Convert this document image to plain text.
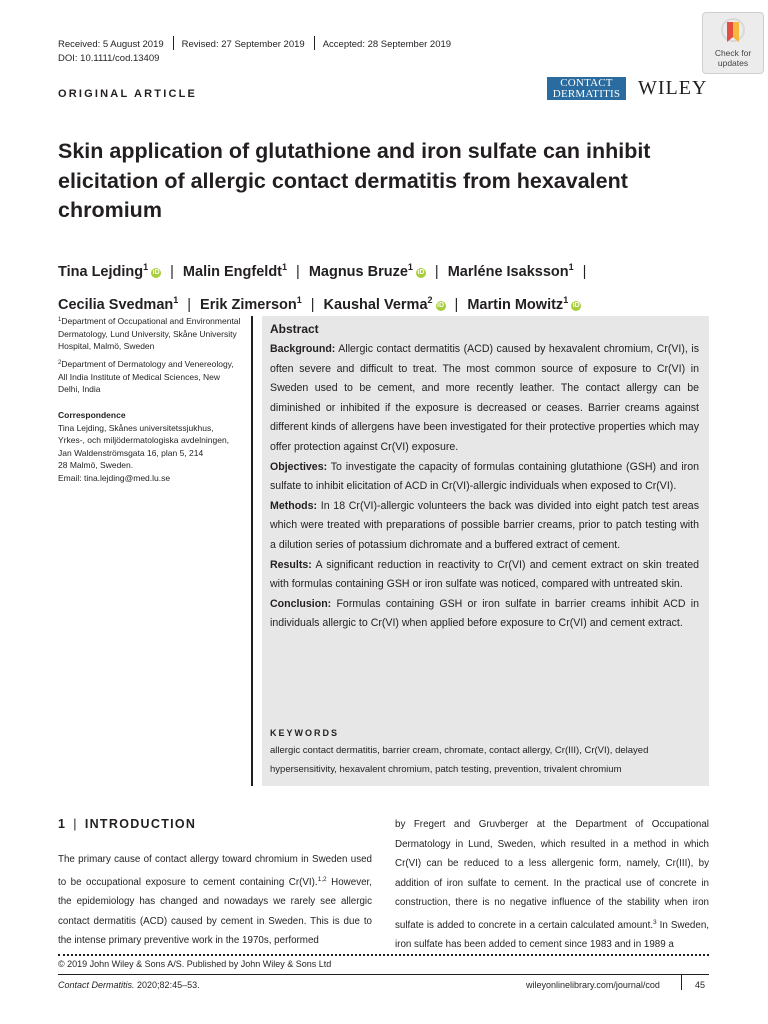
Received: 5 August 2019 Revised: 27 September 2019 Accepted: 28 September 2019
DOI: 10.1111/cod.13409
ORIGINAL ARTICLE
Check for
updates
CONTACT
DERMATITIS WILEY
Skin application of glutathione and iron sulfate can inhibit elicitation of allergic contact dermatitis from hexavalent chromium
Tina Lejding$^1$iD | Malin Engfeldt$^1$ | Magnus Bruze$^1$iD | Marléne Isaksson$^1$ |
Cecilia Svedman$^1$ | Erik Zimerson$^1$ | Kaushal Verma$^2$iD | Martin Mowitz$^1$iD
$^1$Department of Occupational and Environmental Dermatology, Lund University, Skåne University Hospital, Malmö, Sweden
$^2$Department of Dermatology and Venereology, All India Institute of Medical Sciences, New Delhi, India
Correspondence
Tina Lejding, Skånes universitetssjukhus,
Yrkes-, och miljödermatologiska avdelningen,
Jan Waldenströmsgata 16, plan 5, 214
28 Malmö, Sweden.
Email: tina.lejding@med.lu.se
Abstract

Background: Allergic contact dermatitis (ACD) caused by hexavalent chromium, Cr(VI), is often severe and difficult to treat. The most common source of exposure to Cr(VI) in Sweden used to be cement, and more recently leather. The contact allergy can be diminished or inhibited if the exposure is decreased or ceases. Barrier creams against different kinds of allergens have been investigated for their protective properties which may offer protection against Cr(VI) exposure.

Objectives: To investigate the capacity of formulas containing glutathione (GSH) and iron sulfate to inhibit elicitation of ACD in Cr(VI)-allergic individuals when exposed to Cr(VI).

Methods: In 18 Cr(VI)-allergic volunteers the back was divided into eight patch test areas which were treated with preparations of possible barrier creams, prior to patch testing with a dilution series of potassium dichromate and a buffered extract of cement.

Results: A significant reduction in reactivity to Cr(VI) and cement extract on skin treated with formulas containing GSH or iron sulfate was noticed, compared with untreated skin.

Conclusion: Formulas containing GSH or iron sulfate in barrier creams inhibit ACD in individuals allergic to Cr(VI) when applied before exposure to Cr(VI) and cement extract.

KEYWORDS
allergic contact dermatitis, barrier cream, chromate, contact allergy, Cr(III), Cr(VI), delayed hypersensitivity, hexavalent chromium, patch testing, prevention, trivalent chromium
1 | INTRODUCTION

The primary cause of contact allergy toward chromium in Sweden used to be occupational exposure to cement containing Cr(VI).$^{1,2}$ However, the epidemiology has changed and nowadays we rarely see allergic contact dermatitis (ACD) caused by cement in Sweden. This is due to the intense primary preventive work in the 1970s, performed

by Fregert and Gruvberger at the Department of Occupational Dermatology in Lund, Sweden, which resulted in a method in which Cr(VI) can be reduced to a less allergenic form, namely, Cr(III), by addition of iron sulfate to cement. In the practical use of concrete in construction, there is no negative influence of the stability when iron sulfate is added to concrete in a certain calculated amount.$^3$ In Sweden, iron sulfate has been added to cement since 1983 and in 1989 a

© 2019 John Wiley & Sons A/S. Published by John Wiley & Sons Ltd
Contact Dermatitis. 2020;82:45–53.	wileyonlinelibrary.com/journal/cod	45
